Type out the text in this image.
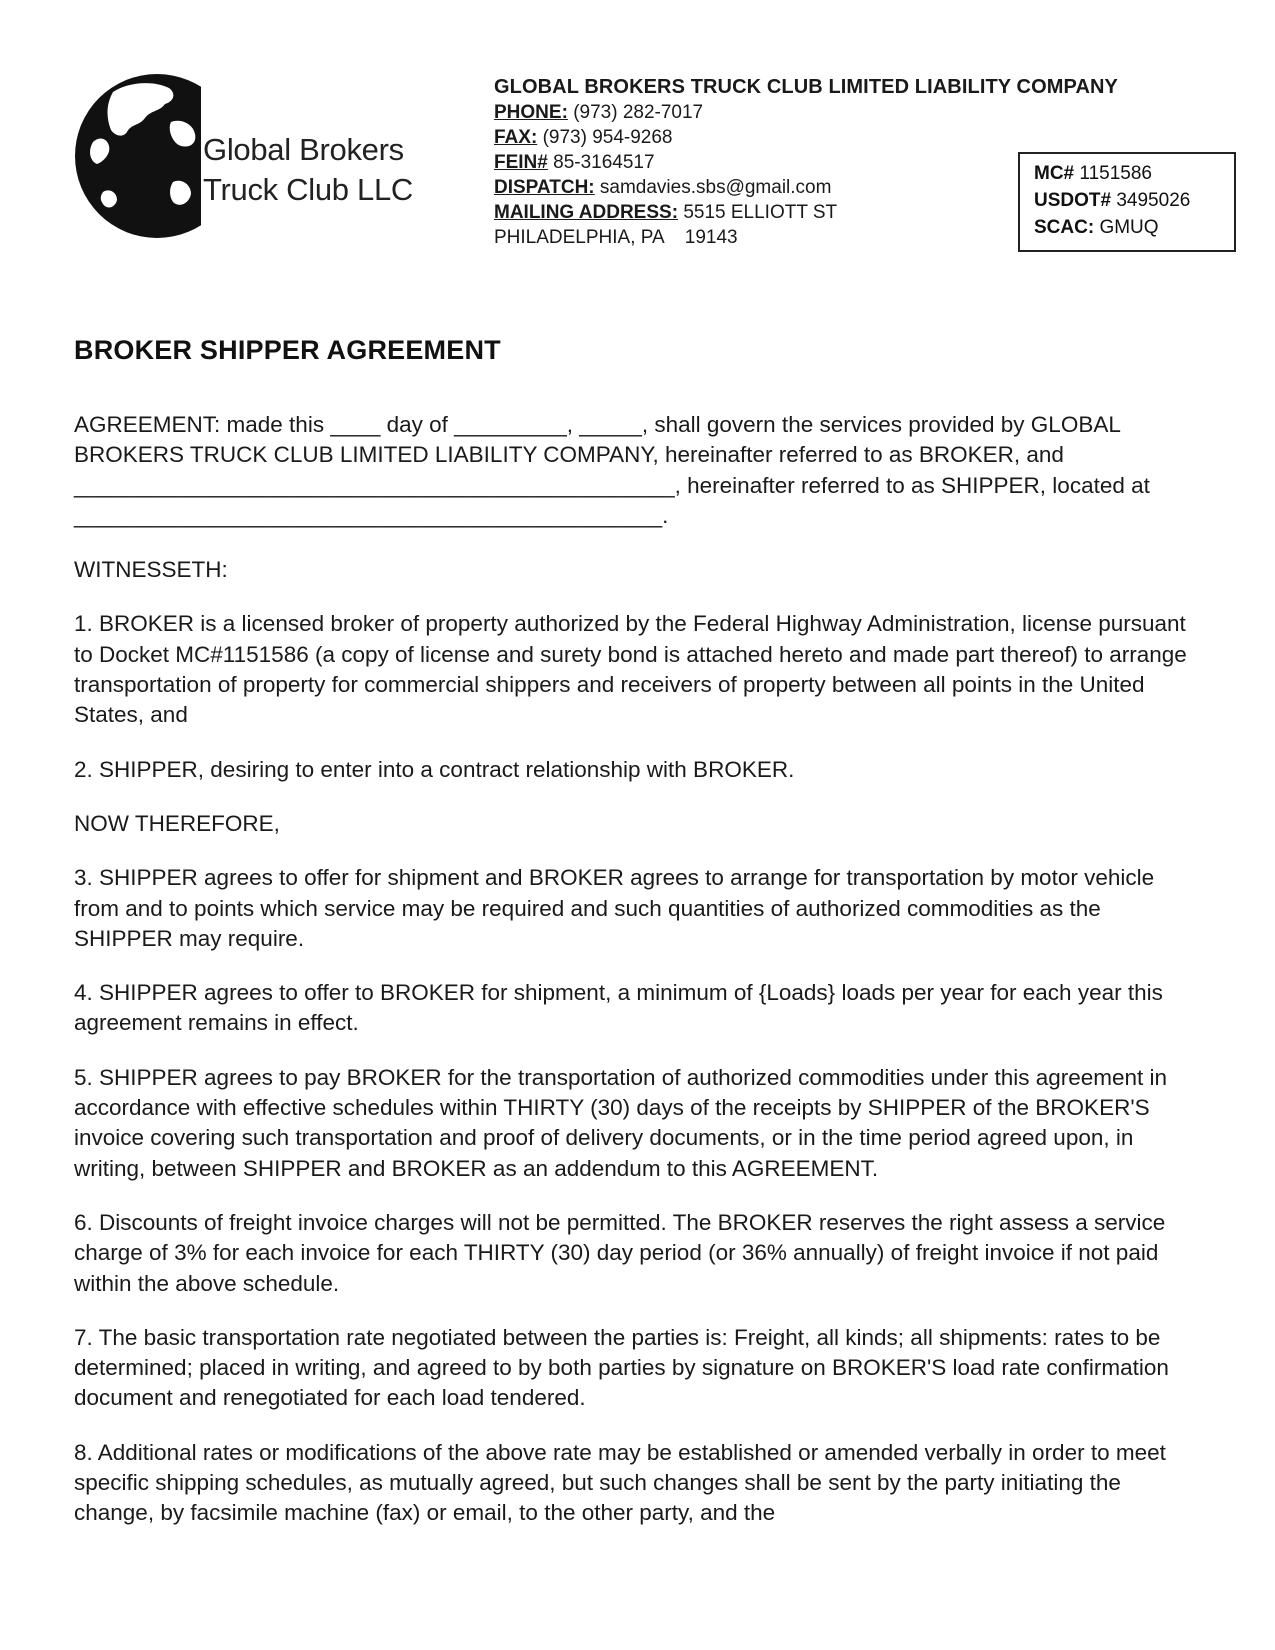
Global Brokers
Truck Club LLC
GLOBAL BROKERS TRUCK CLUB LIMITED LIABILITY COMPANY
PHONE: (973) 282-7017
FAX: (973) 954-9268
FEIN# 85-3164517
DISPATCH: samdavies.sbs@gmail.com
MAILING ADDRESS: 5515 ELLIOTT ST
PHILADELPHIA, PA    19143
MC# 1151586
USDOT# 3495026
SCAC: GMUQ
BROKER SHIPPER AGREEMENT

AGREEMENT: made this ____ day of _________, _____, shall govern the services provided by GLOBAL BROKERS TRUCK CLUB LIMITED LIABILITY COMPANY, hereinafter referred to as BROKER, and ________________________________________________, hereinafter referred to as SHIPPER, located at _______________________________________________.

WITNESSETH:

1. BROKER is a licensed broker of property authorized by the Federal Highway Administration, license pursuant to Docket MC#1151586 (a copy of license and surety bond is attached hereto and made part thereof) to arrange transportation of property for commercial shippers and receivers of property between all points in the United States, and

2. SHIPPER, desiring to enter into a contract relationship with BROKER.

NOW THEREFORE,

3. SHIPPER agrees to offer for shipment and BROKER agrees to arrange for transportation by motor vehicle from and to points which service may be required and such quantities of authorized commodities as the SHIPPER may require.

4. SHIPPER agrees to offer to BROKER for shipment, a minimum of {Loads} loads per year for each year this agreement remains in effect.

5. SHIPPER agrees to pay BROKER for the transportation of authorized commodities under this agreement in accordance with effective schedules within THIRTY (30) days of the receipts by SHIPPER of the BROKER'S invoice covering such transportation and proof of delivery documents, or in the time period agreed upon, in writing, between SHIPPER and BROKER as an addendum to this AGREEMENT.

6. Discounts of freight invoice charges will not be permitted. The BROKER reserves the right assess a service charge of 3% for each invoice for each THIRTY (30) day period (or 36% annually) of freight invoice if not paid within the above schedule.

7. The basic transportation rate negotiated between the parties is: Freight, all kinds; all shipments: rates to be determined; placed in writing, and agreed to by both parties by signature on BROKER'S load rate confirmation document and renegotiated for each load tendered.

8. Additional rates or modifications of the above rate may be established or amended verbally in order to meet specific shipping schedules, as mutually agreed, but such changes shall be sent by the party initiating the change, by facsimile machine (fax) or email, to the other party, and the
